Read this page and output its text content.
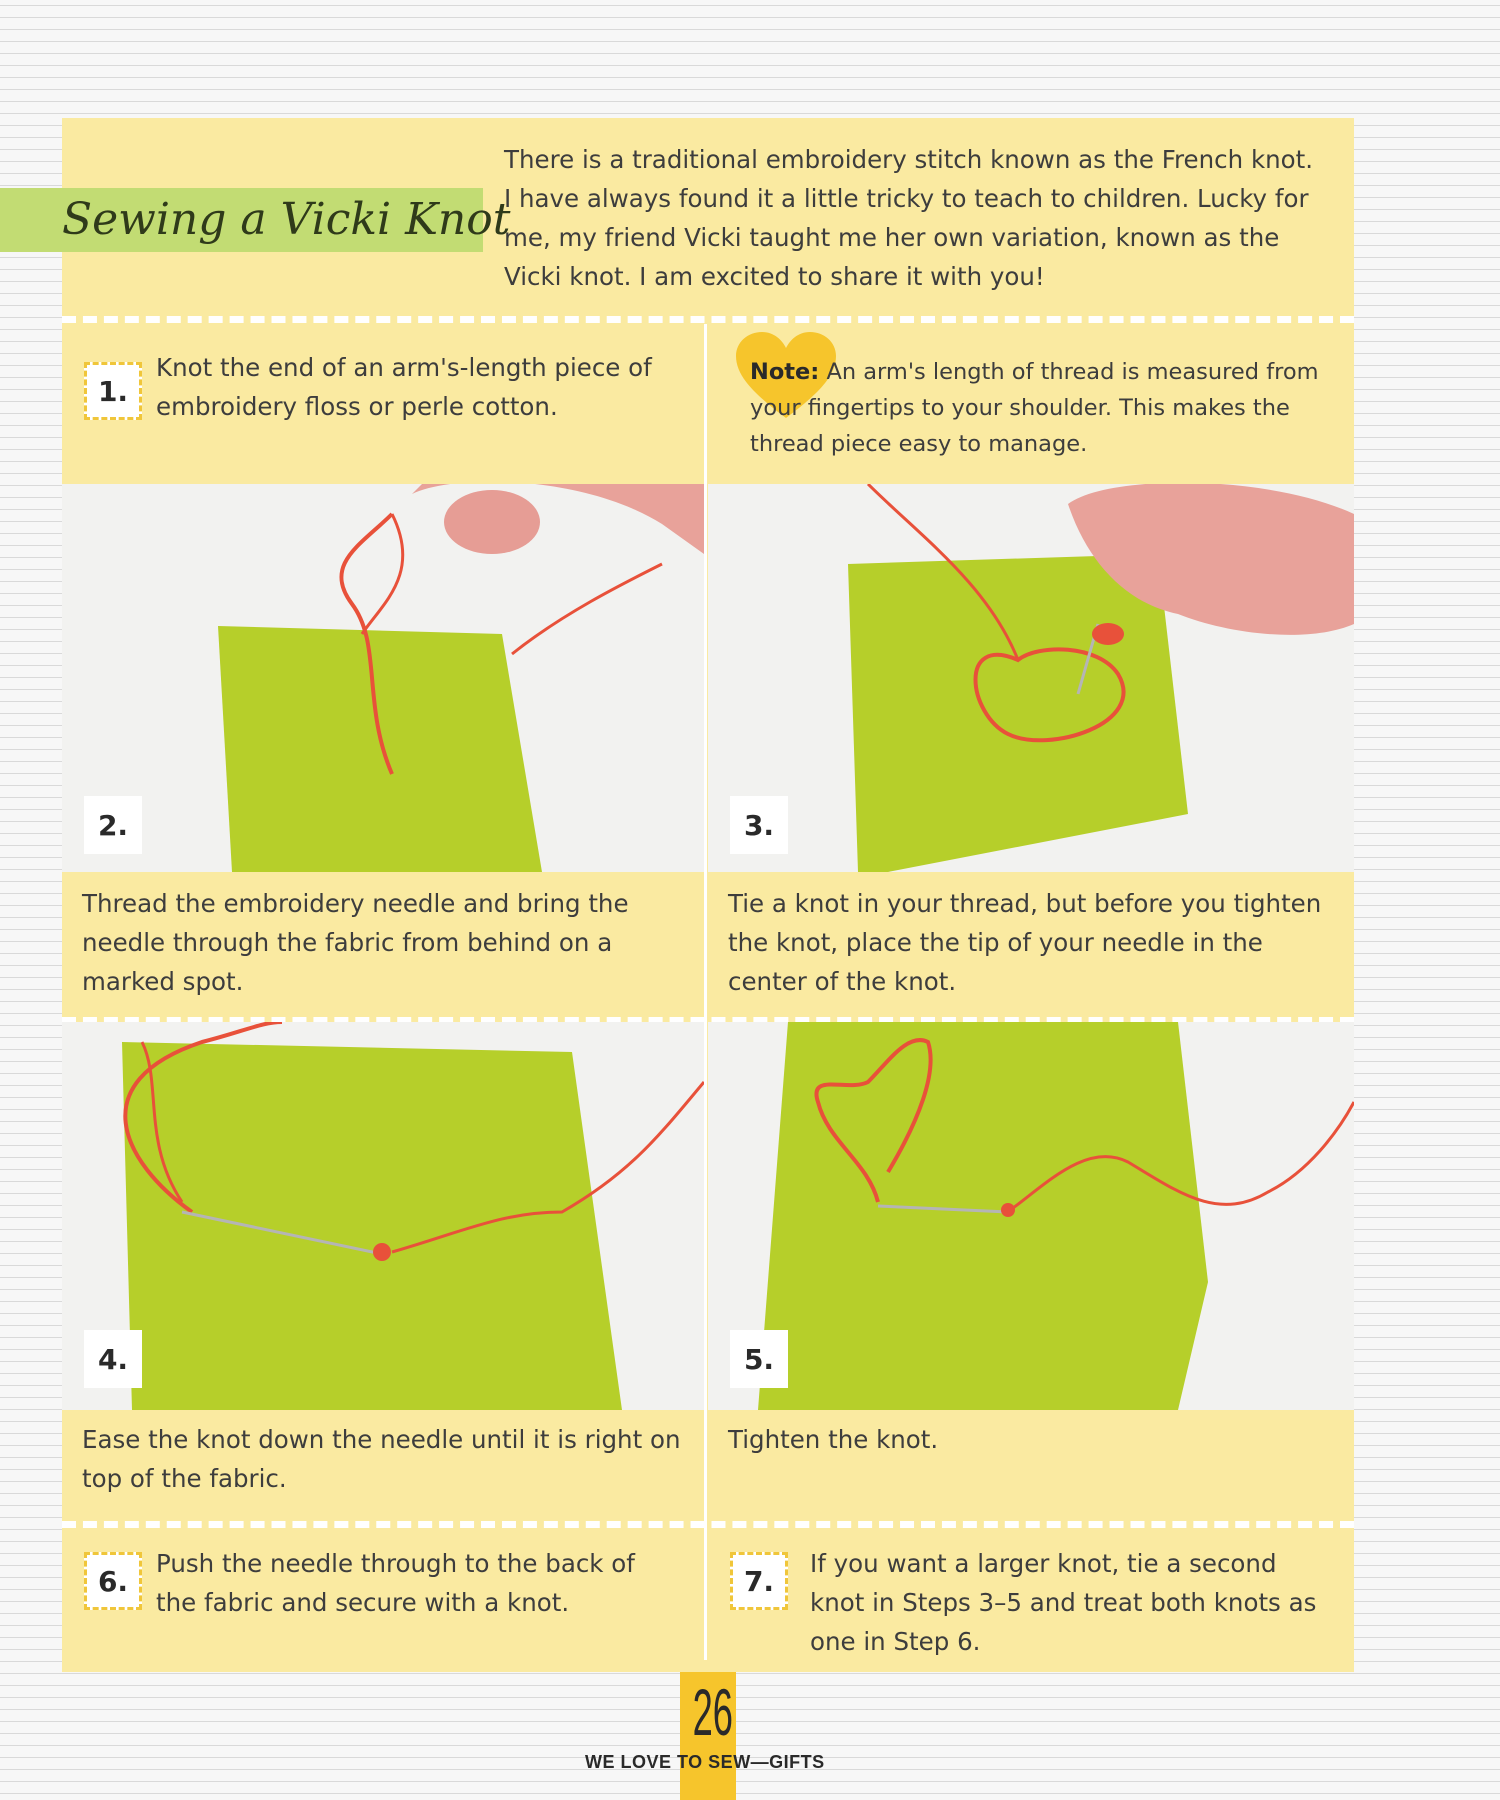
Sewing a Vicki Knot
There is a traditional embroidery stitch known as the French knot. I have always found it a little tricky to teach to children. Lucky for me, my friend Vicki taught me her own variation, known as the Vicki knot. I am excited to share it with you!
1.
Knot the end of an arm's-length piece of embroidery floss or perle cotton.
Note: An arm's length of thread is measured from your fingertips to your shoulder. This makes the thread piece easy to manage.
2.	3.
Thread the embroidery needle and bring the needle through the fabric from behind on a marked spot.
Tie a knot in your thread, but before you tighten the knot, place the tip of your needle in the center of the knot.
4.	5.
Ease the knot down the needle until it is right on top of the fabric.
Tighten the knot.
6.
Push the needle through to the back of the fabric and secure with a knot.
7.
If you want a larger knot, tie a second knot in Steps 3–5 and treat both knots as one in Step 6.
26
WE LOVE TO SEW—GIFTS
